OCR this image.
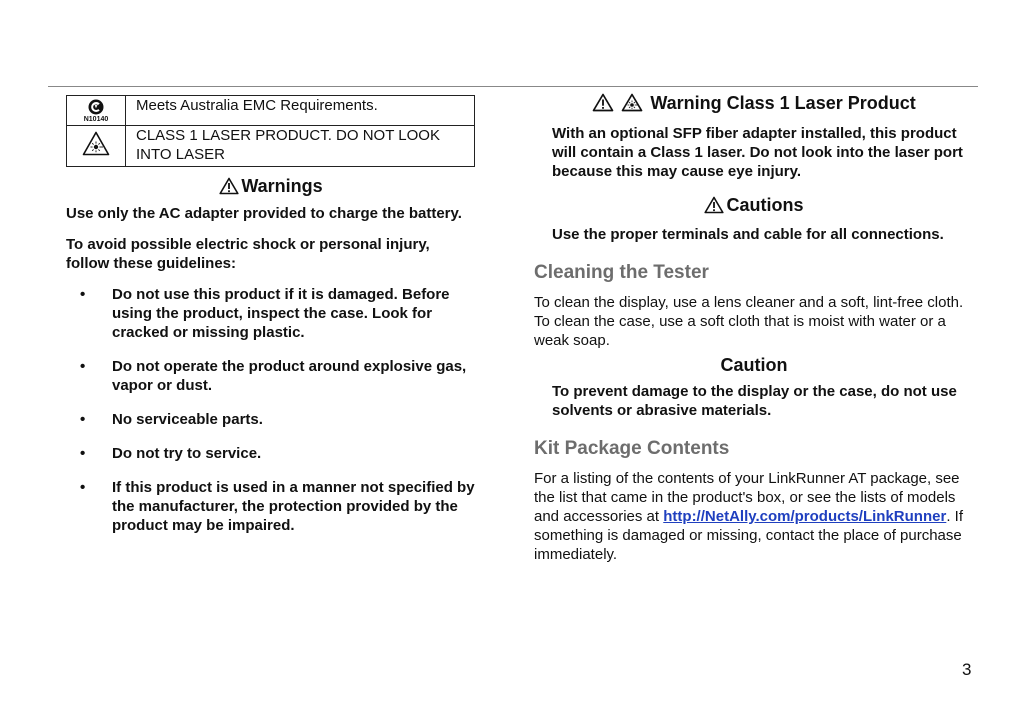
N10140	Meets Australia EMC Requirements.

CLASS 1 LASER PRODUCT. DO NOT LOOK
INTO LASER

Warnings

Use only the AC adapter provided to charge the battery.

To avoid possible electric shock or personal injury, follow these guidelines:

• Do not use this product if it is damaged. Before using the product, inspect the case. Look for cracked or missing plastic.
• Do not operate the product around explosive gas, vapor or dust.
• No serviceable parts.
• Do not try to service.
• If this product is used in a manner not specified by the manufacturer, the protection provided by the product may be impaired.

Warning Class 1 Laser Product

With an optional SFP fiber adapter installed, this product will contain a Class 1 laser. Do not look into the laser port because this may cause eye injury.

Cautions

Use the proper terminals and cable for all connections.

Cleaning the Tester

To clean the display, use a lens cleaner and a soft, lint-free cloth. To clean the case, use a soft cloth that is moist with water or a weak soap.

Caution

To prevent damage to the display or the case, do not use solvents or abrasive materials.

Kit Package Contents

For a listing of the contents of your LinkRunner AT package, see the list that came in the product's box, or see the lists of models and accessories at http://NetAlly.com/products/LinkRunner. If something is damaged or missing, contact the place of purchase immediately.

3
